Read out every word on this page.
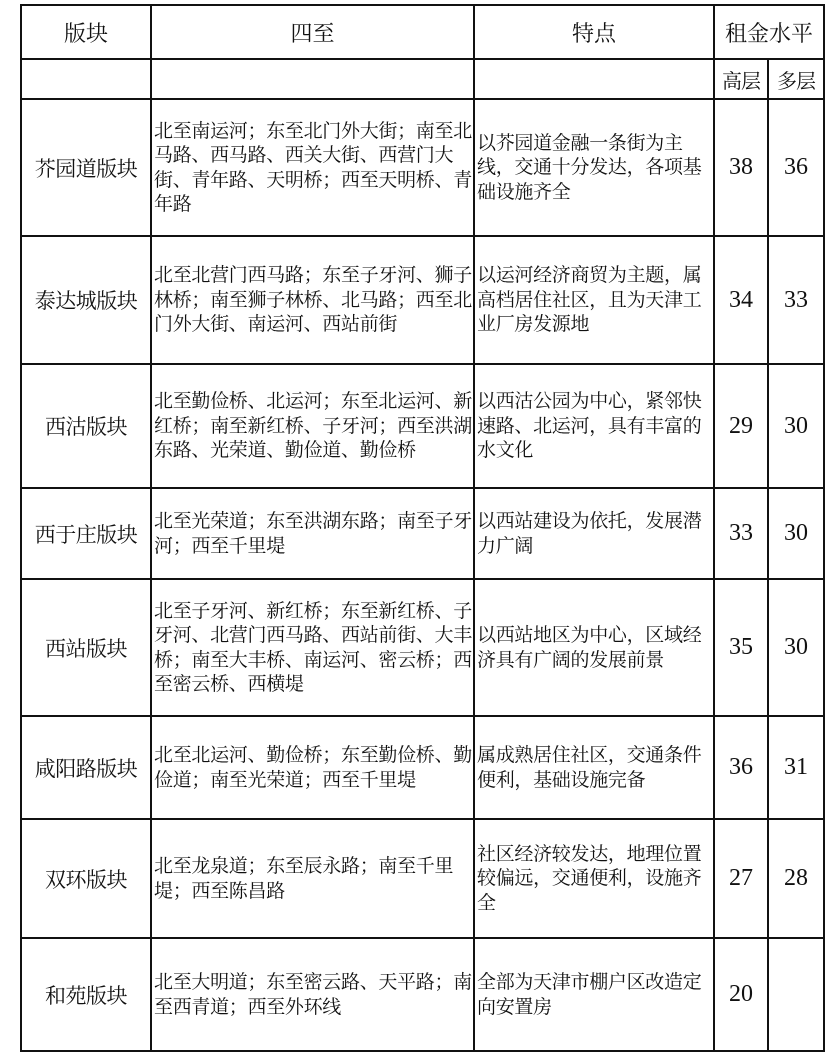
版块	四至	特点	租金水平	
			高层	多层
芥园道版块	北至南运河；东至北门外大街；南至北马路、西马路、西关大街、西营门大街、青年路、天明桥；西至天明桥、青年路	以芥园道金融一条街为主线，交通十分发达，各项基础设施齐全	38	36
泰达城版块	北至北营门西马路；东至子牙河、狮子林桥；南至狮子林桥、北马路；西至北门外大街、南运河、西站前街	以运河经济商贸为主题，属高档居住社区，且为天津工业厂房发源地	34	33
西沽版块	北至勤俭桥、北运河；东至北运河、新红桥；南至新红桥、子牙河；西至洪湖东路、光荣道、勤俭道、勤俭桥	以西沽公园为中心，紧邻快速路、北运河，具有丰富的水文化	29	30
西于庄版块	北至光荣道；东至洪湖东路；南至子牙河；西至千里堤	以西站建设为依托，发展潜力广阔	33	30
西站版块	北至子牙河、新红桥；东至新红桥、子牙河、北营门西马路、西站前街、大丰桥；南至大丰桥、南运河、密云桥；西至密云桥、西横堤	以西站地区为中心，区域经济具有广阔的发展前景	35	30
咸阳路版块	北至北运河、勤俭桥；东至勤俭桥、勤俭道；南至光荣道；西至千里堤	属成熟居住社区，交通条件便利，基础设施完备	36	31
双环版块	北至龙泉道；东至辰永路；南至千里堤；西至陈昌路	社区经济较发达，地理位置较偏远，交通便利，设施齐全	27	28
和苑版块	北至大明道；东至密云路、天平路；南至西青道；西至外环线	全部为天津市棚户区改造定向安置房	20	
